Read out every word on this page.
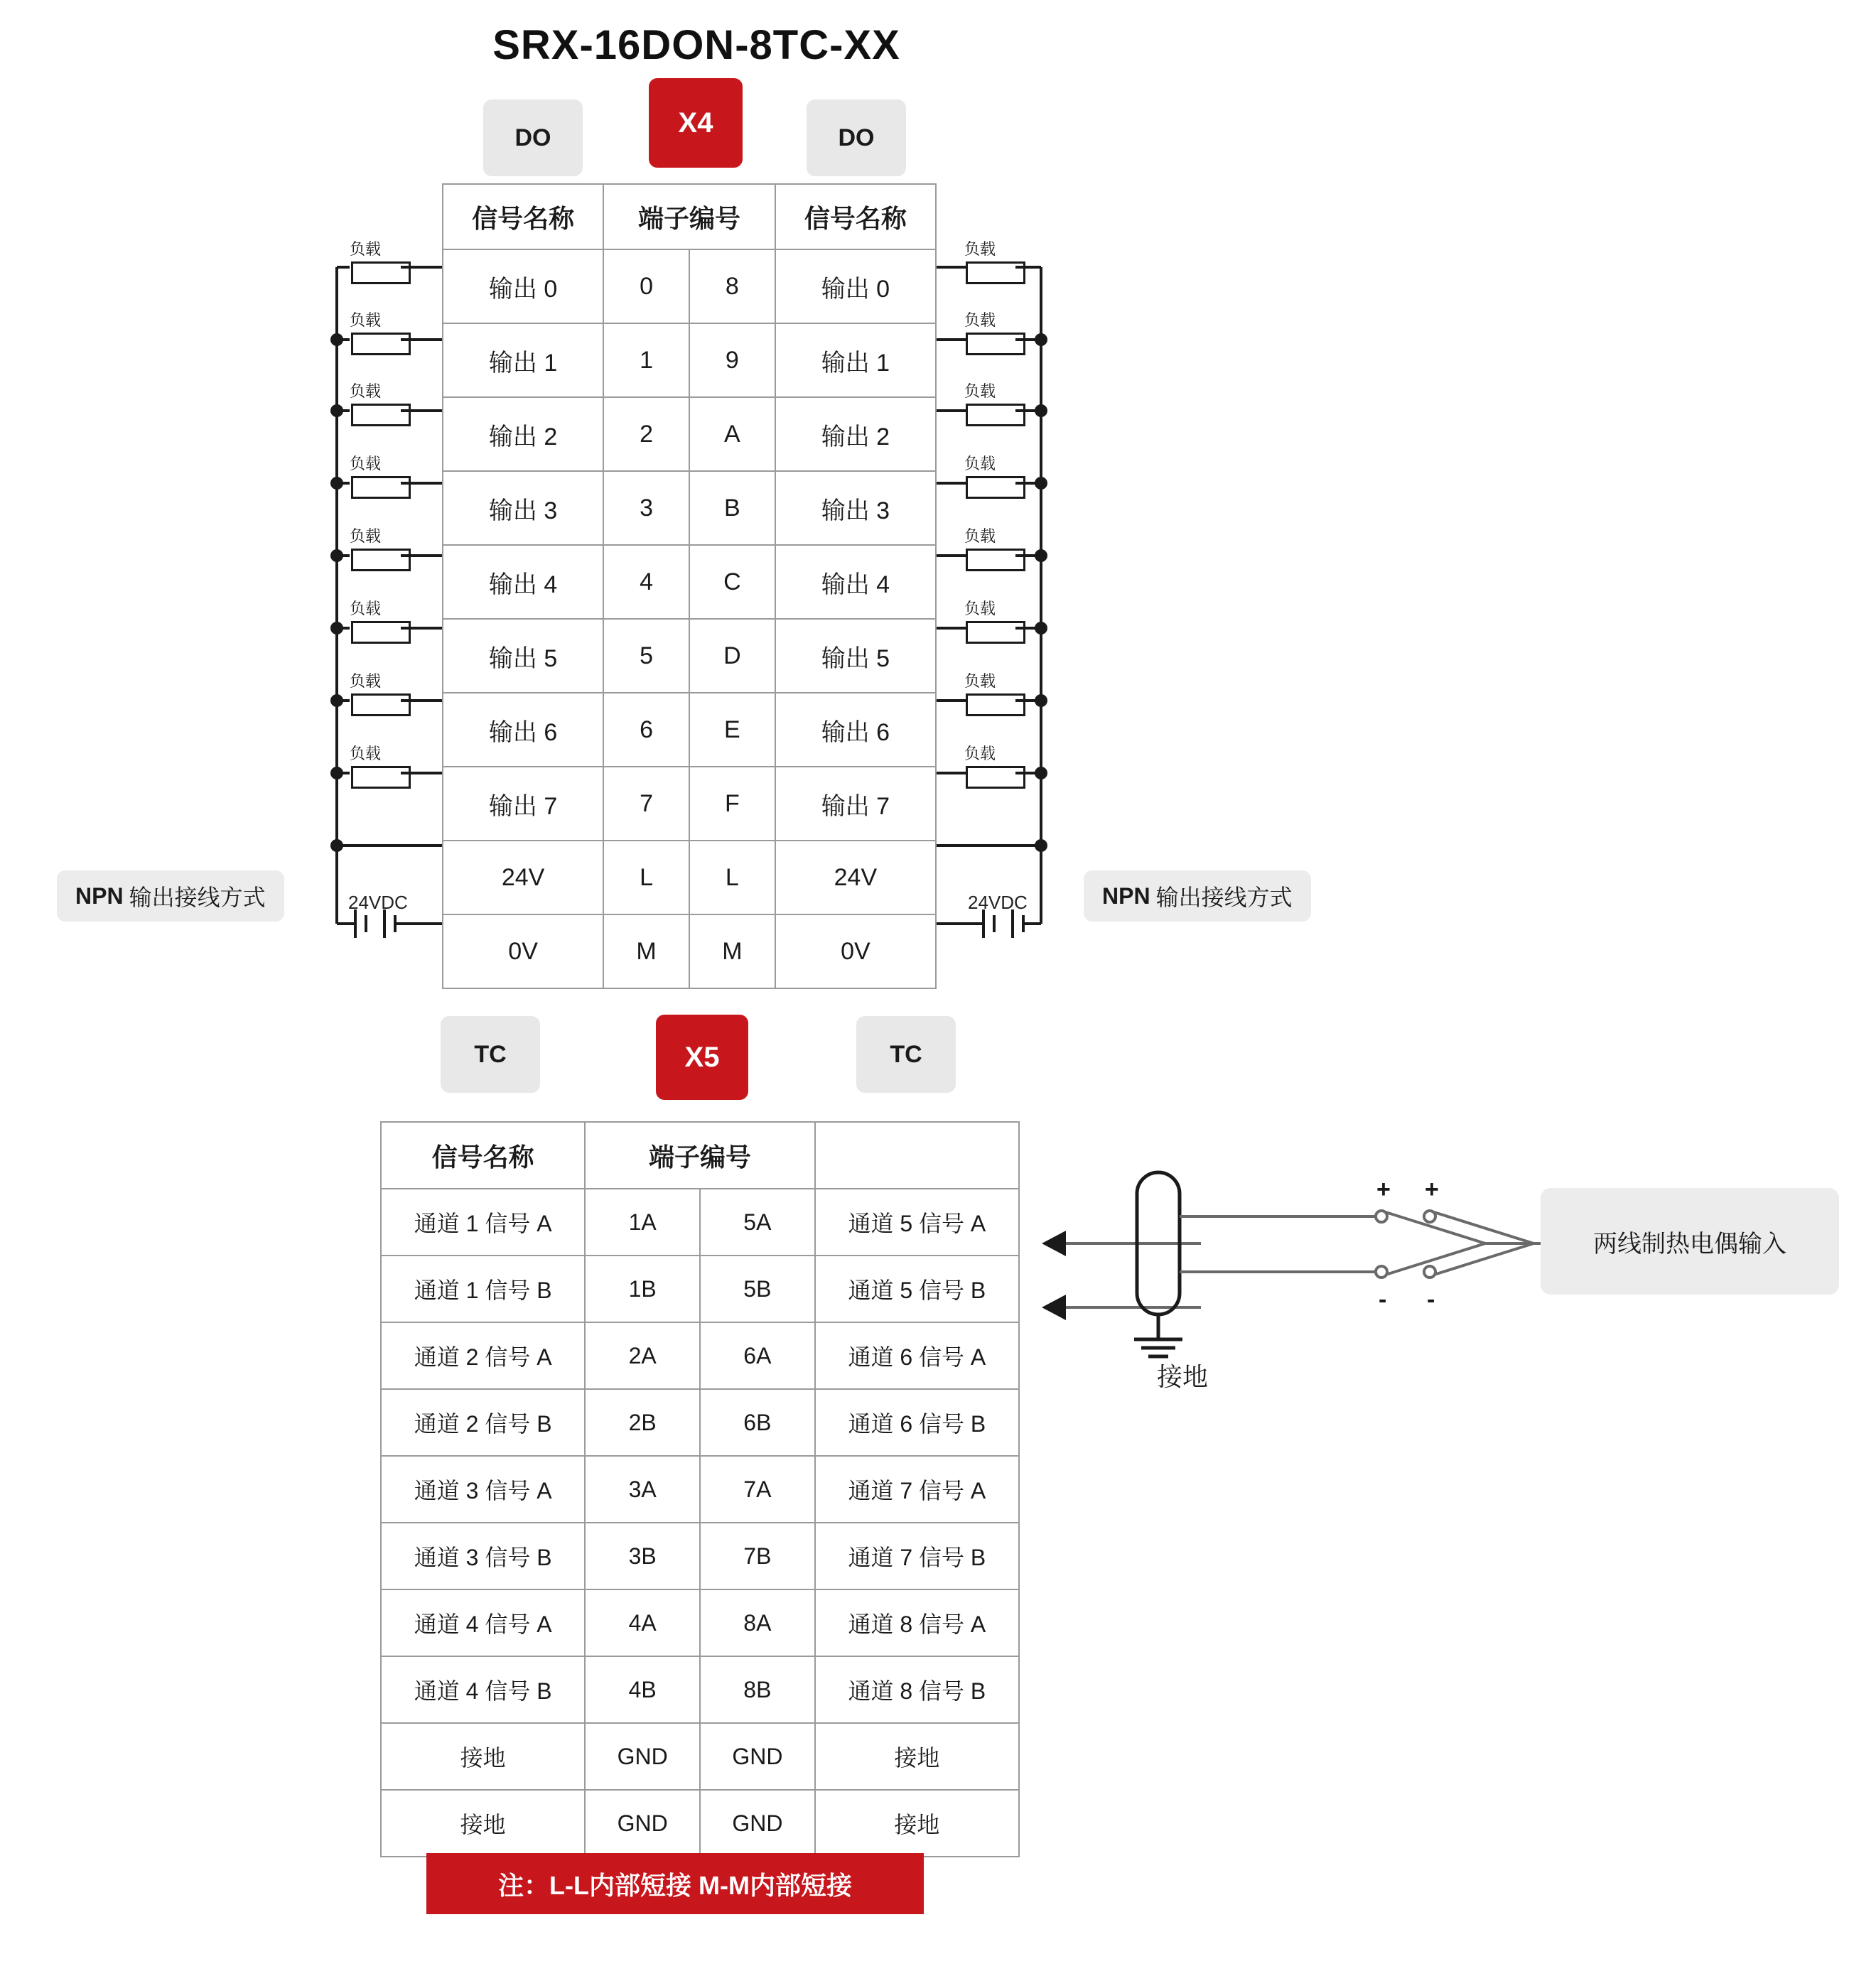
SRX-16DON-8TC-XX
DO	X4	DO
信号名称	端子编号		信号名称
输出 0	0	8	输出 0
输出 1	1	9	输出 1
输出 2	2	A	输出 2
输出 3	3	B	输出 3
输出 4	4	C	输出 4
输出 5	5	D	输出 5
输出 6	6	E	输出 6
输出 7	7	F	输出 7
24V	L	L	24V
0V	M	M	0V
负载
负载
负载
负载
负载
负载
负载
负载
负载
负载
负载
负载
负载
负载
负载
负载
NPN 输出接线方式	NPN 输出接线方式
24VDC	24VDC
TC	X5	TC
信号名称	端子编号		
通道 1 信号 A	1A	5A	通道 5 信号 A
通道 1 信号 B	1B	5B	通道 5 信号 B
通道 2 信号 A	2A	6A	通道 6 信号 A
通道 2 信号 B	2B	6B	通道 6 信号 B
通道 3 信号 A	3A	7A	通道 7 信号 A
通道 3 信号 B	3B	7B	通道 7 信号 B
通道 4 信号 A	4A	8A	通道 8 信号 A
通道 4 信号 B	4B	8B	通道 8 信号 B
接地	GND	GND	接地
接地	GND	GND	接地
注：L-L内部短接 M-M内部短接
接地
+ +
- -
两线制热电偶输入
